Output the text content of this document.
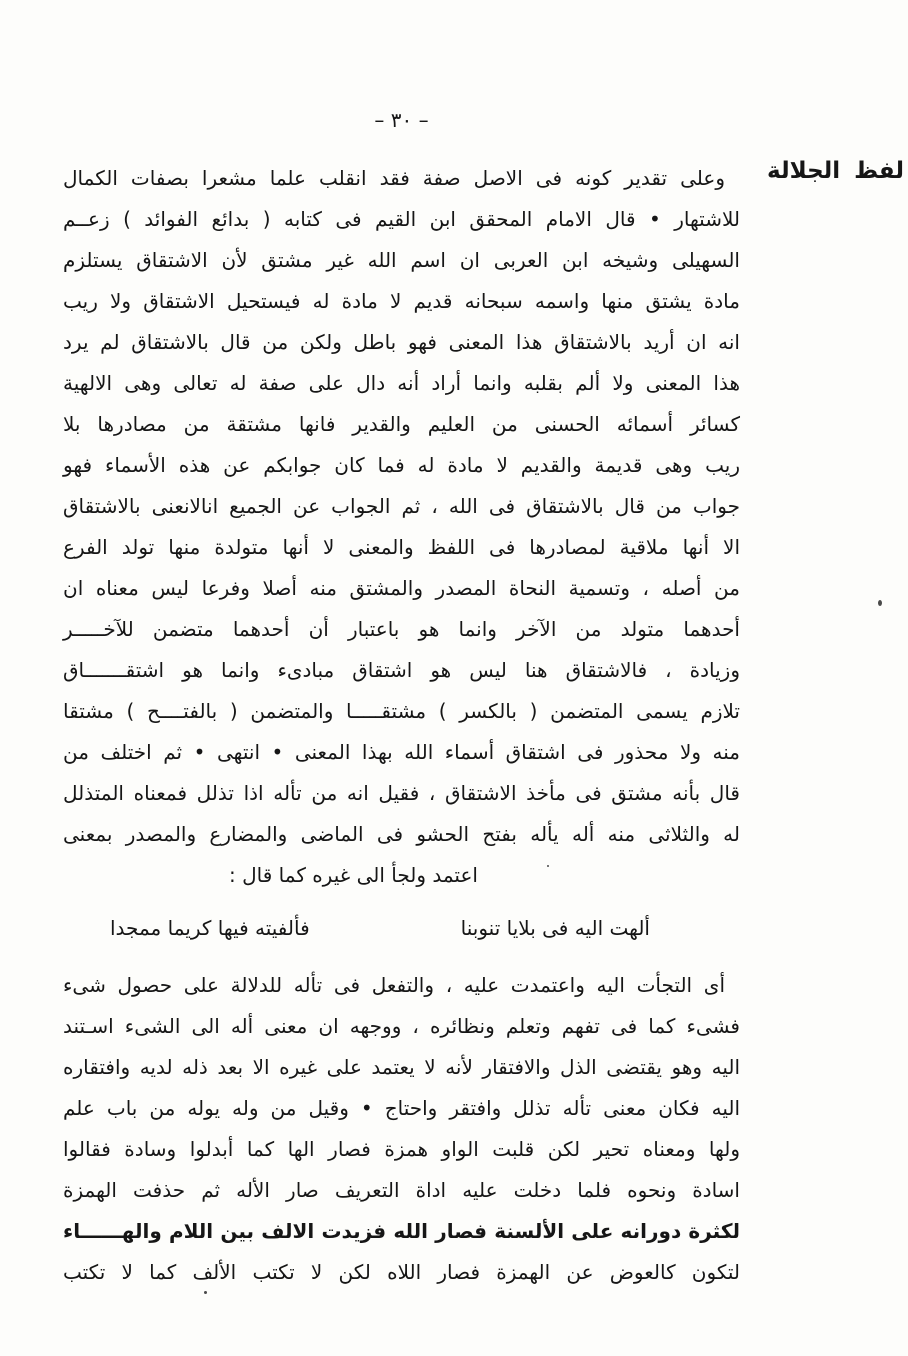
– ٣٠ –
لفظ الجلالة
وعلى تقدير كونه فى الاصل صفة فقد انقلب علما مشعرا بصفات الكمال
للاشتهار • قال الامام المحقق ابن القيم فى كتابه ( بدائع الفوائد ) زعــم
السهيلى وشيخه ابن العربى ان اسم الله غير مشتق لأن الاشتقاق يستلزم
مادة يشتق منها واسمه سبحانه قديم لا مادة له فيستحيل الاشتقاق ولا ريب
انه ان أريد بالاشتقاق هذا المعنى فهو باطل ولكن من قال بالاشتقاق لم يرد
هذا المعنى ولا ألم بقلبه وانما أراد أنه دال على صفة له تعالى وهى الالهية
كسائر أسمائه الحسنى من العليم والقدير فانها مشتقة من مصادرها بلا
ريب وهى قديمة والقديم لا مادة له فما كان جوابكم عن هذه الأسماء فهو
جواب من قال بالاشتقاق فى الله ، ثم الجواب عن الجميع انالانعنى بالاشتقاق
الا أنها ملاقية لمصادرها فى اللفظ والمعنى لا أنها متولدة منها تولد الفرع
من أصله ، وتسمية النحاة المصدر والمشتق منه أصلا وفرعا ليس معناه ان
أحدهما متولد من الآخر وانما هو باعتبار أن أحدهما متضمن للآخـــــر
وزيادة ، فالاشتقاق هنا ليس هو اشتقاق مبادىء وانما هو اشتقـــــــاق
تلازم يسمى المتضمن ( بالكسر ) مشتقـــــا والمتضمن ( بالفتــــح ) مشتقا
منه ولا محذور فى اشتقاق أسماء الله بهذا المعنى • انتهى • ثم اختلف من
قال بأنه مشتق فى مأخذ الاشتقاق ، فقيل انه من تأله اذا تذلل فمعناه المتذلل
له والثلاثى منه أله يأله بفتح الحشو فى الماضى والمضارع والمصدر بمعنى
اعتمد ولجأ الى غيره كما قال :
ألهت اليه فى بلايا تنوبنا
فألفيته فيها كريما ممجدا
أى التجأت اليه واعتمدت عليه ، والتفعل فى تأله للدلالة على حصول شىء
فشىء كما فى تفهم وتعلم ونظائره ، ووجهه ان معنى أله الى الشىء اسـتند
اليه وهو يقتضى الذل والافتقار لأنه لا يعتمد على غيره الا بعد ذله لديه وافتقاره
اليه فكان معنى تأله تذلل وافتقر واحتاج • وقيل من وله يوله من باب علم
ولها ومعناه تحير لكن قلبت الواو همزة فصار الها كما أبدلوا وسادة فقالوا
اسادة ونحوه فلما دخلت عليه اداة التعريف صار الأله ثم حذفت الهمزة
لكثرة دورانه على الألسنة فصار الله فزيدت الالف بين اللام والهــــــاء
لتكون كالعوض عن الهمزة فصار اللاه لكن لا تكتب الألف كما لا تكتب
